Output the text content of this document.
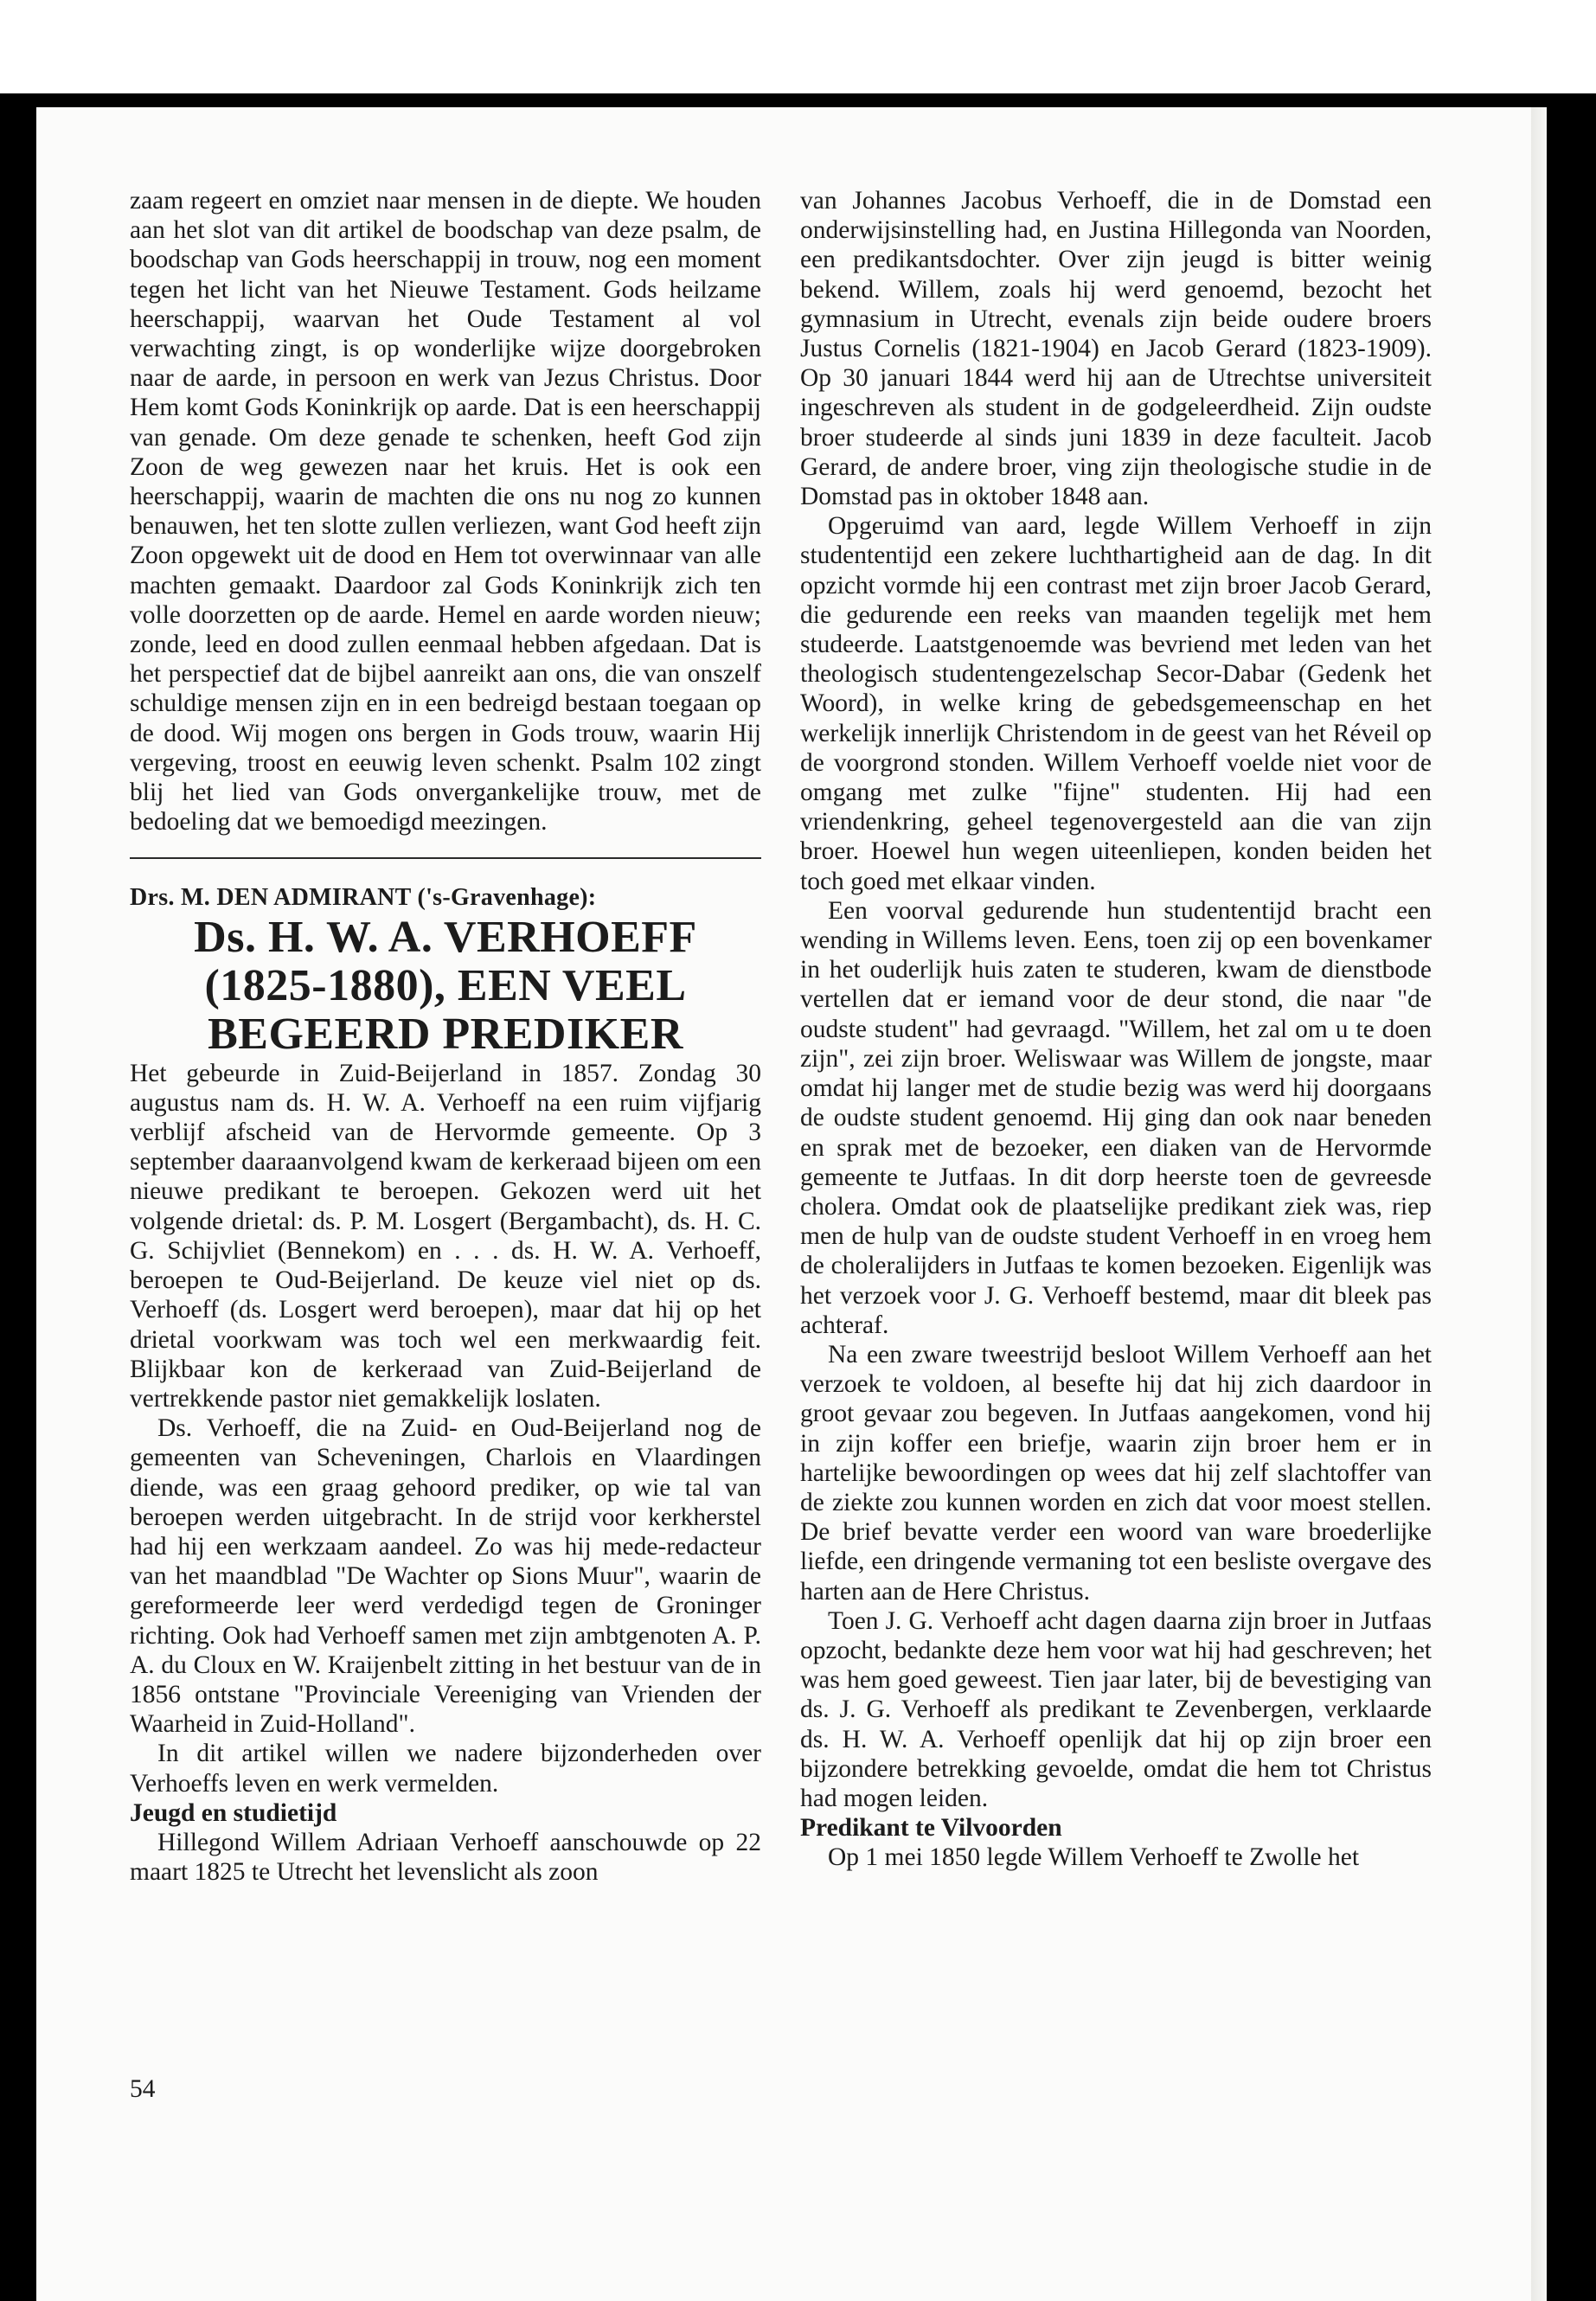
zaam regeert en omziet naar mensen in de diepte. We houden aan het slot van dit artikel de boodschap van deze psalm, de boodschap van Gods heerschappij in trouw, nog een moment tegen het licht van het Nieuwe Testament. Gods heilzame heerschappij, waarvan het Oude Testament al vol verwachting zingt, is op wonderlijke wijze doorgebroken naar de aarde, in persoon en werk van Jezus Christus. Door Hem komt Gods Koninkrijk op aarde. Dat is een heerschappij van genade. Om deze genade te schenken, heeft God zijn Zoon de weg gewezen naar het kruis. Het is ook een heerschappij, waarin de machten die ons nu nog zo kunnen benauwen, het ten slotte zullen verliezen, want God heeft zijn Zoon opgewekt uit de dood en Hem tot overwinnaar van alle machten gemaakt. Daardoor zal Gods Koninkrijk zich ten volle doorzetten op de aarde. Hemel en aarde worden nieuw; zonde, leed en dood zullen eenmaal hebben afgedaan. Dat is het perspectief dat de bijbel aanreikt aan ons, die van onszelf schuldige mensen zijn en in een bedreigd bestaan toegaan op de dood. Wij mogen ons bergen in Gods trouw, waarin Hij vergeving, troost en eeuwig leven schenkt. Psalm 102 zingt blij het lied van Gods onvergankelijke trouw, met de bedoeling dat we bemoedigd meezingen.

Drs. M. DEN ADMIRANT ('s-Gravenhage):

Ds. H. W. A. VERHOEFF (1825-1880), EEN VEEL BEGEERD PREDIKER

Het gebeurde in Zuid-Beijerland in 1857. Zondag 30 augustus nam ds. H. W. A. Verhoeff na een ruim vijfjarig verblijf afscheid van de Hervormde gemeente. Op 3 september daaraanvolgend kwam de kerkeraad bijeen om een nieuwe predikant te beroepen. Gekozen werd uit het volgende drietal: ds. P. M. Losgert (Bergambacht), ds. H. C. G. Schijvliet (Bennekom) en . . . ds. H. W. A. Verhoeff, beroepen te Oud-Beijerland. De keuze viel niet op ds. Verhoeff (ds. Losgert werd beroepen), maar dat hij op het drietal voorkwam was toch wel een merkwaardig feit. Blijkbaar kon de kerkeraad van Zuid-Beijerland de vertrekkende pastor niet gemakkelijk loslaten.

Ds. Verhoeff, die na Zuid- en Oud-Beijerland nog de gemeenten van Scheveningen, Charlois en Vlaardingen diende, was een graag gehoord prediker, op wie tal van beroepen werden uitgebracht. In de strijd voor kerkherstel had hij een werkzaam aandeel. Zo was hij mede-redacteur van het maandblad "De Wachter op Sions Muur", waarin de gereformeerde leer werd verdedigd tegen de Groninger richting. Ook had Verhoeff samen met zijn ambtgenoten A. P. A. du Cloux en W. Kraijenbelt zitting in het bestuur van de in 1856 ontstane "Provinciale Vereeniging van Vrienden der Waarheid in Zuid-Holland".

In dit artikel willen we nadere bijzonderheden over Verhoeffs leven en werk vermelden.

Jeugd en studietijd

Hillegond Willem Adriaan Verhoeff aanschouwde op 22 maart 1825 te Utrecht het levenslicht als zoon

van Johannes Jacobus Verhoeff, die in de Domstad een onderwijsinstelling had, en Justina Hillegonda van Noorden, een predikantsdochter. Over zijn jeugd is bitter weinig bekend. Willem, zoals hij werd genoemd, bezocht het gymnasium in Utrecht, evenals zijn beide oudere broers Justus Cornelis (1821-1904) en Jacob Gerard (1823-1909). Op 30 januari 1844 werd hij aan de Utrechtse universiteit ingeschreven als student in de godgeleerdheid. Zijn oudste broer studeerde al sinds juni 1839 in deze faculteit. Jacob Gerard, de andere broer, ving zijn theologische studie in de Domstad pas in oktober 1848 aan.

Opgeruimd van aard, legde Willem Verhoeff in zijn studententijd een zekere luchthartigheid aan de dag. In dit opzicht vormde hij een contrast met zijn broer Jacob Gerard, die gedurende een reeks van maanden tegelijk met hem studeerde. Laatstgenoemde was bevriend met leden van het theologisch studentengezelschap Secor-Dabar (Gedenk het Woord), in welke kring de gebedsgemeenschap en het werkelijk innerlijk Christendom in de geest van het Réveil op de voorgrond stonden. Willem Verhoeff voelde niet voor de omgang met zulke "fijne" studenten. Hij had een vriendenkring, geheel tegenovergesteld aan die van zijn broer. Hoewel hun wegen uiteenliepen, konden beiden het toch goed met elkaar vinden.

Een voorval gedurende hun studententijd bracht een wending in Willems leven. Eens, toen zij op een bovenkamer in het ouderlijk huis zaten te studeren, kwam de dienstbode vertellen dat er iemand voor de deur stond, die naar "de oudste student" had gevraagd. "Willem, het zal om u te doen zijn", zei zijn broer. Weliswaar was Willem de jongste, maar omdat hij langer met de studie bezig was werd hij doorgaans de oudste student genoemd. Hij ging dan ook naar beneden en sprak met de bezoeker, een diaken van de Hervormde gemeente te Jutfaas. In dit dorp heerste toen de gevreesde cholera. Omdat ook de plaatselijke predikant ziek was, riep men de hulp van de oudste student Verhoeff in en vroeg hem de choleralijders in Jutfaas te komen bezoeken. Eigenlijk was het verzoek voor J. G. Verhoeff bestemd, maar dit bleek pas achteraf.

Na een zware tweestrijd besloot Willem Verhoeff aan het verzoek te voldoen, al besefte hij dat hij zich daardoor in groot gevaar zou begeven. In Jutfaas aangekomen, vond hij in zijn koffer een briefje, waarin zijn broer hem er in hartelijke bewoordingen op wees dat hij zelf slachtoffer van de ziekte zou kunnen worden en zich dat voor moest stellen. De brief bevatte verder een woord van ware broederlijke liefde, een dringende vermaning tot een besliste overgave des harten aan de Here Christus.

Toen J. G. Verhoeff acht dagen daarna zijn broer in Jutfaas opzocht, bedankte deze hem voor wat hij had geschreven; het was hem goed geweest. Tien jaar later, bij de bevestiging van ds. J. G. Verhoeff als predikant te Zevenbergen, verklaarde ds. H. W. A. Verhoeff openlijk dat hij op zijn broer een bijzondere betrekking gevoelde, omdat die hem tot Christus had mogen leiden.

Predikant te Vilvoorden

Op 1 mei 1850 legde Willem Verhoeff te Zwolle het

54
